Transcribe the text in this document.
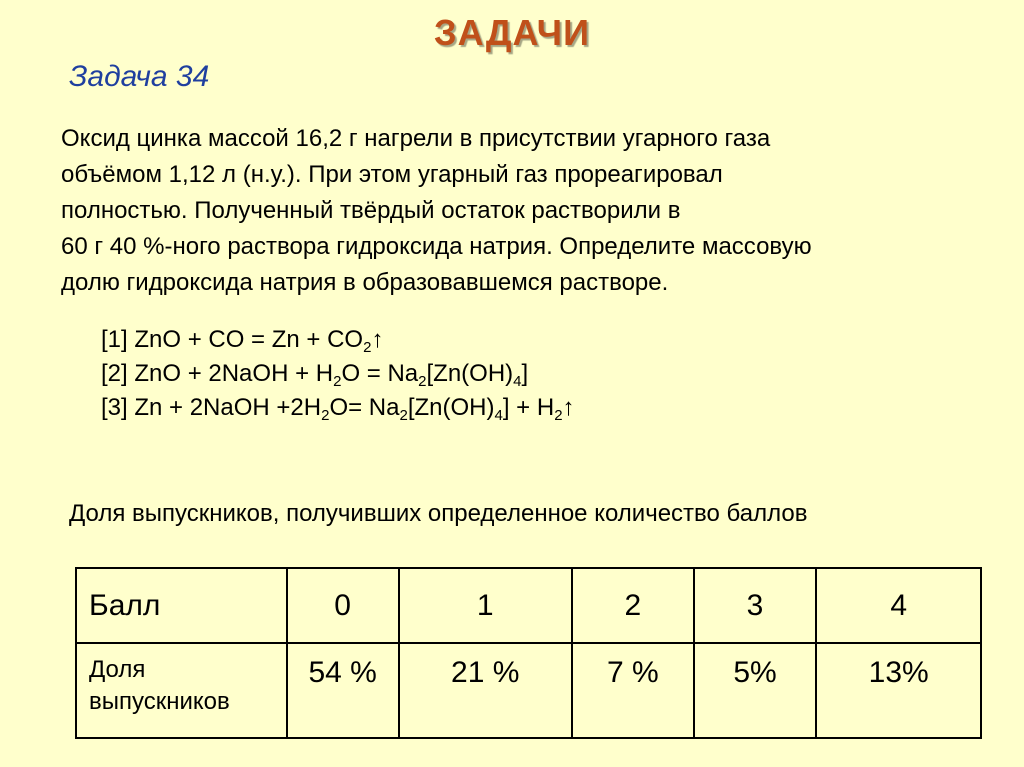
ЗАДАЧИ
Задача 34
Оксид цинка массой 16,2 г нагрели в присутствии угарного газа
объёмом 1,12 л (н.у.). При этом угарный газ прореагировал
полностью. Полученный твёрдый остаток растворили в
60 г 40 %-ного раствора гидроксида натрия. Определите массовую
долю гидроксида натрия в образовавшемся растворе.
[1] ZnO + CO = $Zn + CO_2↑$
[2] ZnO + 2NaOH + $H_2O = Na_2[Zn(OH)_4]$
[3] Zn + 2NaOH $+2H_2O= Na_2[Zn(OH)_4]$ + $H_2↑$
Доля выпускников, получивших определенное количество баллов
Балл	0	1	2	3	4
Доля
выпускников	54 %	21 %	7 %	5%	13%
